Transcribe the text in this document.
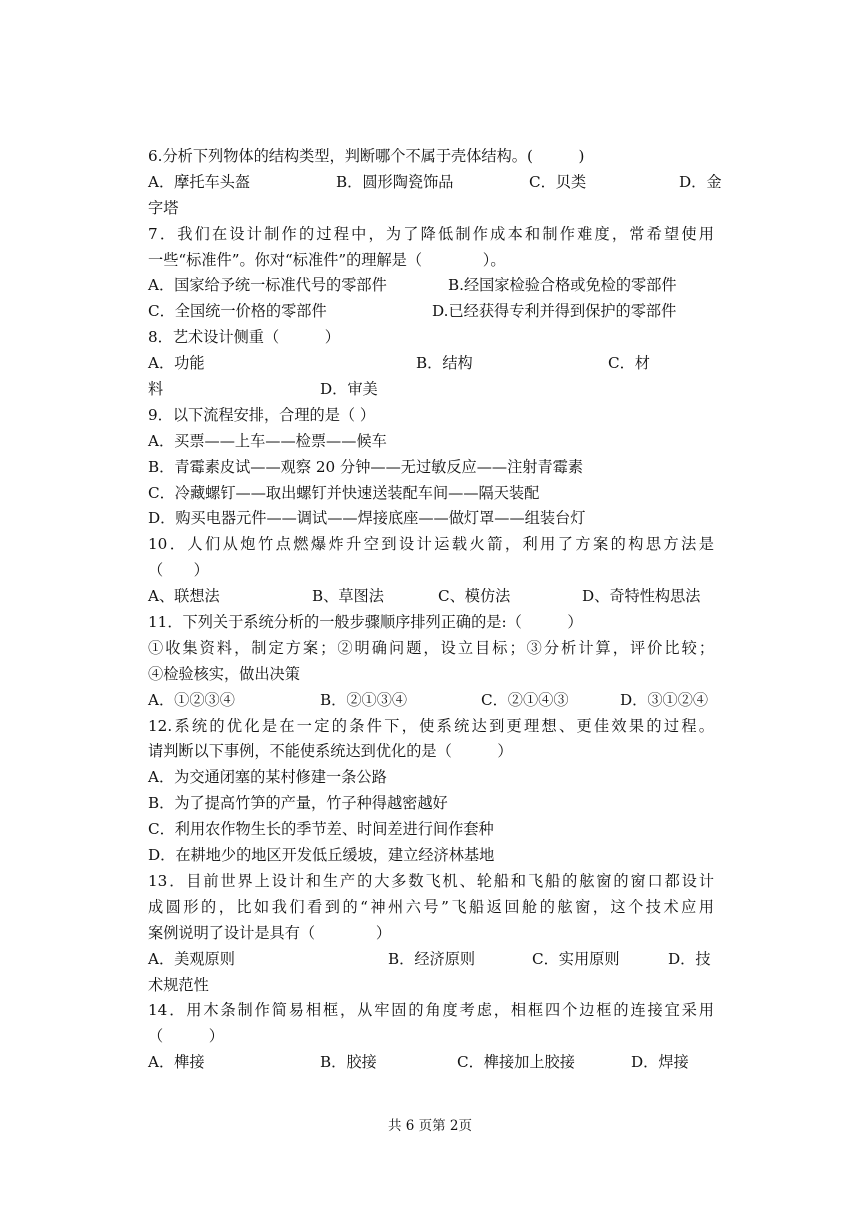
6.分析下列物体的结构类型，判断哪个不属于壳体结构。(　　　)
A．摩托车头盔	B．圆形陶瓷饰品	C．贝类	D．金
字塔
7．我们在设计制作的过程中，为了降低制作成本和制作难度，常希望使用
一些“标准件”。你对“标准件”的理解是（　　　　）。
A．国家给予统一标准代号的零部件	B.经国家检验合格或免检的零部件
C．全国统一价格的零部件	D.已经获得专利并得到保护的零部件
8．艺术设计侧重（　　　）
A．功能	B．结构	C．材
料	D．审美
9．以下流程安排，合理的是（ ）
A．买票——上车——检票——候车
B．青霉素皮试——观察 20 分钟——无过敏反应——注射青霉素
C．冷藏螺钉——取出螺钉并快速送装配车间——隔天装配
D．购买电器元件——调试——焊接底座——做灯罩——组装台灯
10．人们从炮竹点燃爆炸升空到设计运载火箭，利用了方案的构思方法是
（　　）
A、联想法	B、草图法	C、模仿法	D、奇特性构思法
11．下列关于系统分析的一般步骤顺序排列正确的是:（　　　）
①收集资料，制定方案；②明确问题，设立目标；③分析计算，评价比较；
④检验核实，做出决策
A．①②③④	B．②①③④	C．②①④③	D．③①②④
12.系统的优化是在一定的条件下，使系统达到更理想、更佳效果的过程。
请判断以下事例，不能使系统达到优化的是（　　　）
A．为交通闭塞的某村修建一条公路
B．为了提高竹笋的产量，竹子种得越密越好
C．利用农作物生长的季节差、时间差进行间作套种
D．在耕地少的地区开发低丘缓坡，建立经济林基地
13．目前世界上设计和生产的大多数飞机、轮船和飞船的舷窗的窗口都设计
成圆形的，比如我们看到的“神州六号”飞船返回舱的舷窗，这个技术应用
案例说明了设计是具有（　　　　）
A．美观原则	B．经济原则	C．实用原则	D．技
术规范性
14．用木条制作简易相框，从牢固的角度考虑，相框四个边框的连接宜采用
（　　　）
A．榫接	B．胶接	C．榫接加上胶接	D．焊接
共 6 页第 2页
